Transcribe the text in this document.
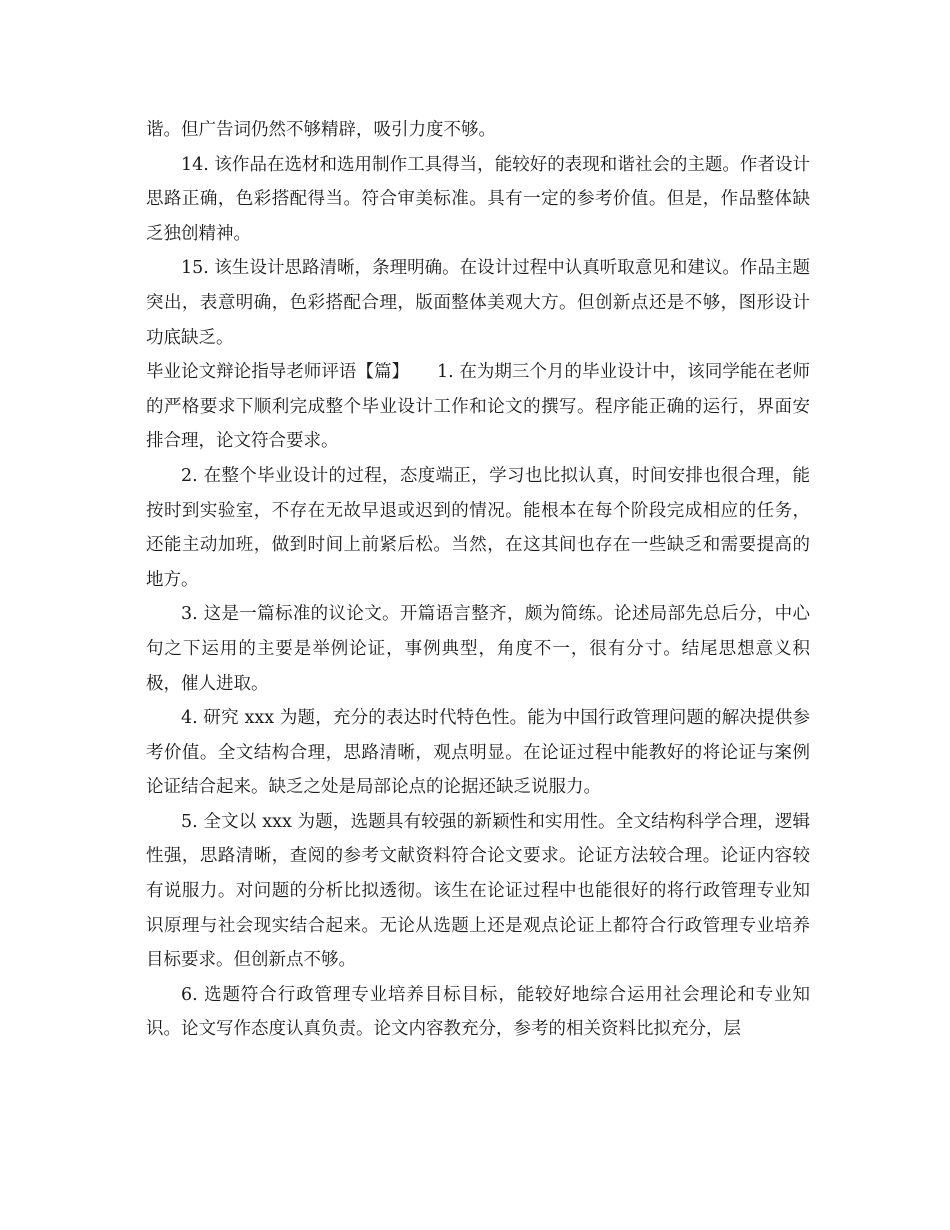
谐。但广告词仍然不够精辟，吸引力度不够。

14. 该作品在选材和选用制作工具得当，能较好的表现和谐社会的主题。作者设计思路正确，色彩搭配得当。符合审美标准。具有一定的参考价值。但是，作品整体缺乏独创精神。

15. 该生设计思路清晰，条理明确。在设计过程中认真听取意见和建议。作品主题突出，表意明确，色彩搭配合理，版面整体美观大方。但创新点还是不够，图形设计功底缺乏。

毕业论文辩论指导老师评语【篇】     1. 在为期三个月的毕业设计中，该同学能在老师的严格要求下顺利完成整个毕业设计工作和论文的撰写。程序能正确的运行，界面安排合理，论文符合要求。

2. 在整个毕业设计的过程，态度端正，学习也比拟认真，时间安排也很合理，能按时到实验室，不存在无故早退或迟到的情况。能根本在每个阶段完成相应的任务，还能主动加班，做到时间上前紧后松。当然，在这其间也存在一些缺乏和需要提高的地方。

3. 这是一篇标准的议论文。开篇语言整齐，颇为简练。论述局部先总后分，中心句之下运用的主要是举例论证，事例典型，角度不一，很有分寸。结尾思想意义积极，催人进取。

4. 研究 xxx 为题，充分的表达时代特色性。能为中国行政管理问题的解决提供参考价值。全文结构合理，思路清晰，观点明显。在论证过程中能教好的将论证与案例论证结合起来。缺乏之处是局部论点的论据还缺乏说服力。

5. 全文以 xxx 为题，选题具有较强的新颖性和实用性。全文结构科学合理，逻辑性强，思路清晰，查阅的参考文献资料符合论文要求。论证方法较合理。论证内容较有说服力。对问题的分析比拟透彻。该生在论证过程中也能很好的将行政管理专业知识原理与社会现实结合起来。无论从选题上还是观点论证上都符合行政管理专业培养目标要求。但创新点不够。

6. 选题符合行政管理专业培养目标目标，能较好地综合运用社会理论和专业知识。论文写作态度认真负责。论文内容教充分，参考的相关资料比拟充分，层
